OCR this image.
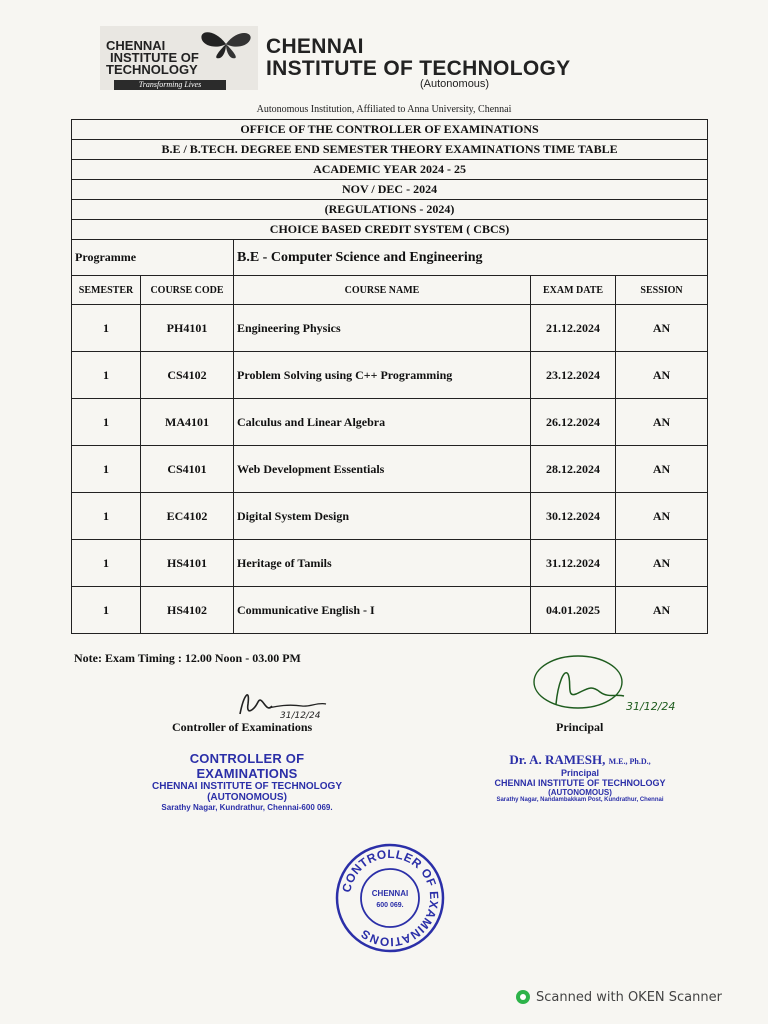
CHENNAI
INSTITUTE OF
TECHNOLOGY
Transforming Lives
CHENNAI
INSTITUTE OF TECHNOLOGY
(Autonomous)
Autonomous Institution, Affiliated to Anna University, Chennai
OFFICE OF THE CONTROLLER OF EXAMINATIONS				
B.E / B.TECH. DEGREE END SEMESTER THEORY EXAMINATIONS TIME TABLE				
ACADEMIC YEAR 2024 - 25				
NOV / DEC - 2024				
(REGULATIONS - 2024)				
CHOICE BASED CREDIT SYSTEM ( CBCS)				
Programme		B.E - Computer Science and Engineering		
SEMESTER	COURSE CODE	COURSE NAME	EXAM DATE	SESSION
1	PH4101	Engineering Physics	21.12.2024	AN
1	CS4102	Problem Solving using C++ Programming	23.12.2024	AN
1	MA4101	Calculus and Linear Algebra	26.12.2024	AN
1	CS4101	Web Development Essentials	28.12.2024	AN
1	EC4102	Digital System Design	30.12.2024	AN
1	HS4101	Heritage of Tamils	31.12.2024	AN
1	HS4102	Communicative English - I	04.01.2025	AN
Note: Exam Timing : 12.00 Noon - 03.00 PM
31/12/24
Controller of Examinations
31/12/24
Principal
CONTROLLER OF EXAMINATIONS
CHENNAI INSTITUTE OF TECHNOLOGY
(AUTONOMOUS)
Sarathy Nagar, Kundrathur, Chennai-600 069.
Dr. A. RAMESH, M.E., Ph.D.,
Principal
CHENNAI INSTITUTE OF TECHNOLOGY
(AUTONOMOUS)
Sarathy Nagar, Nandambakkam Post, Kundrathur, Chennai
CONTROLLER OF EXAMINATIONS
CHENNAI
600 069.
Scanned with OKEN Scanner
